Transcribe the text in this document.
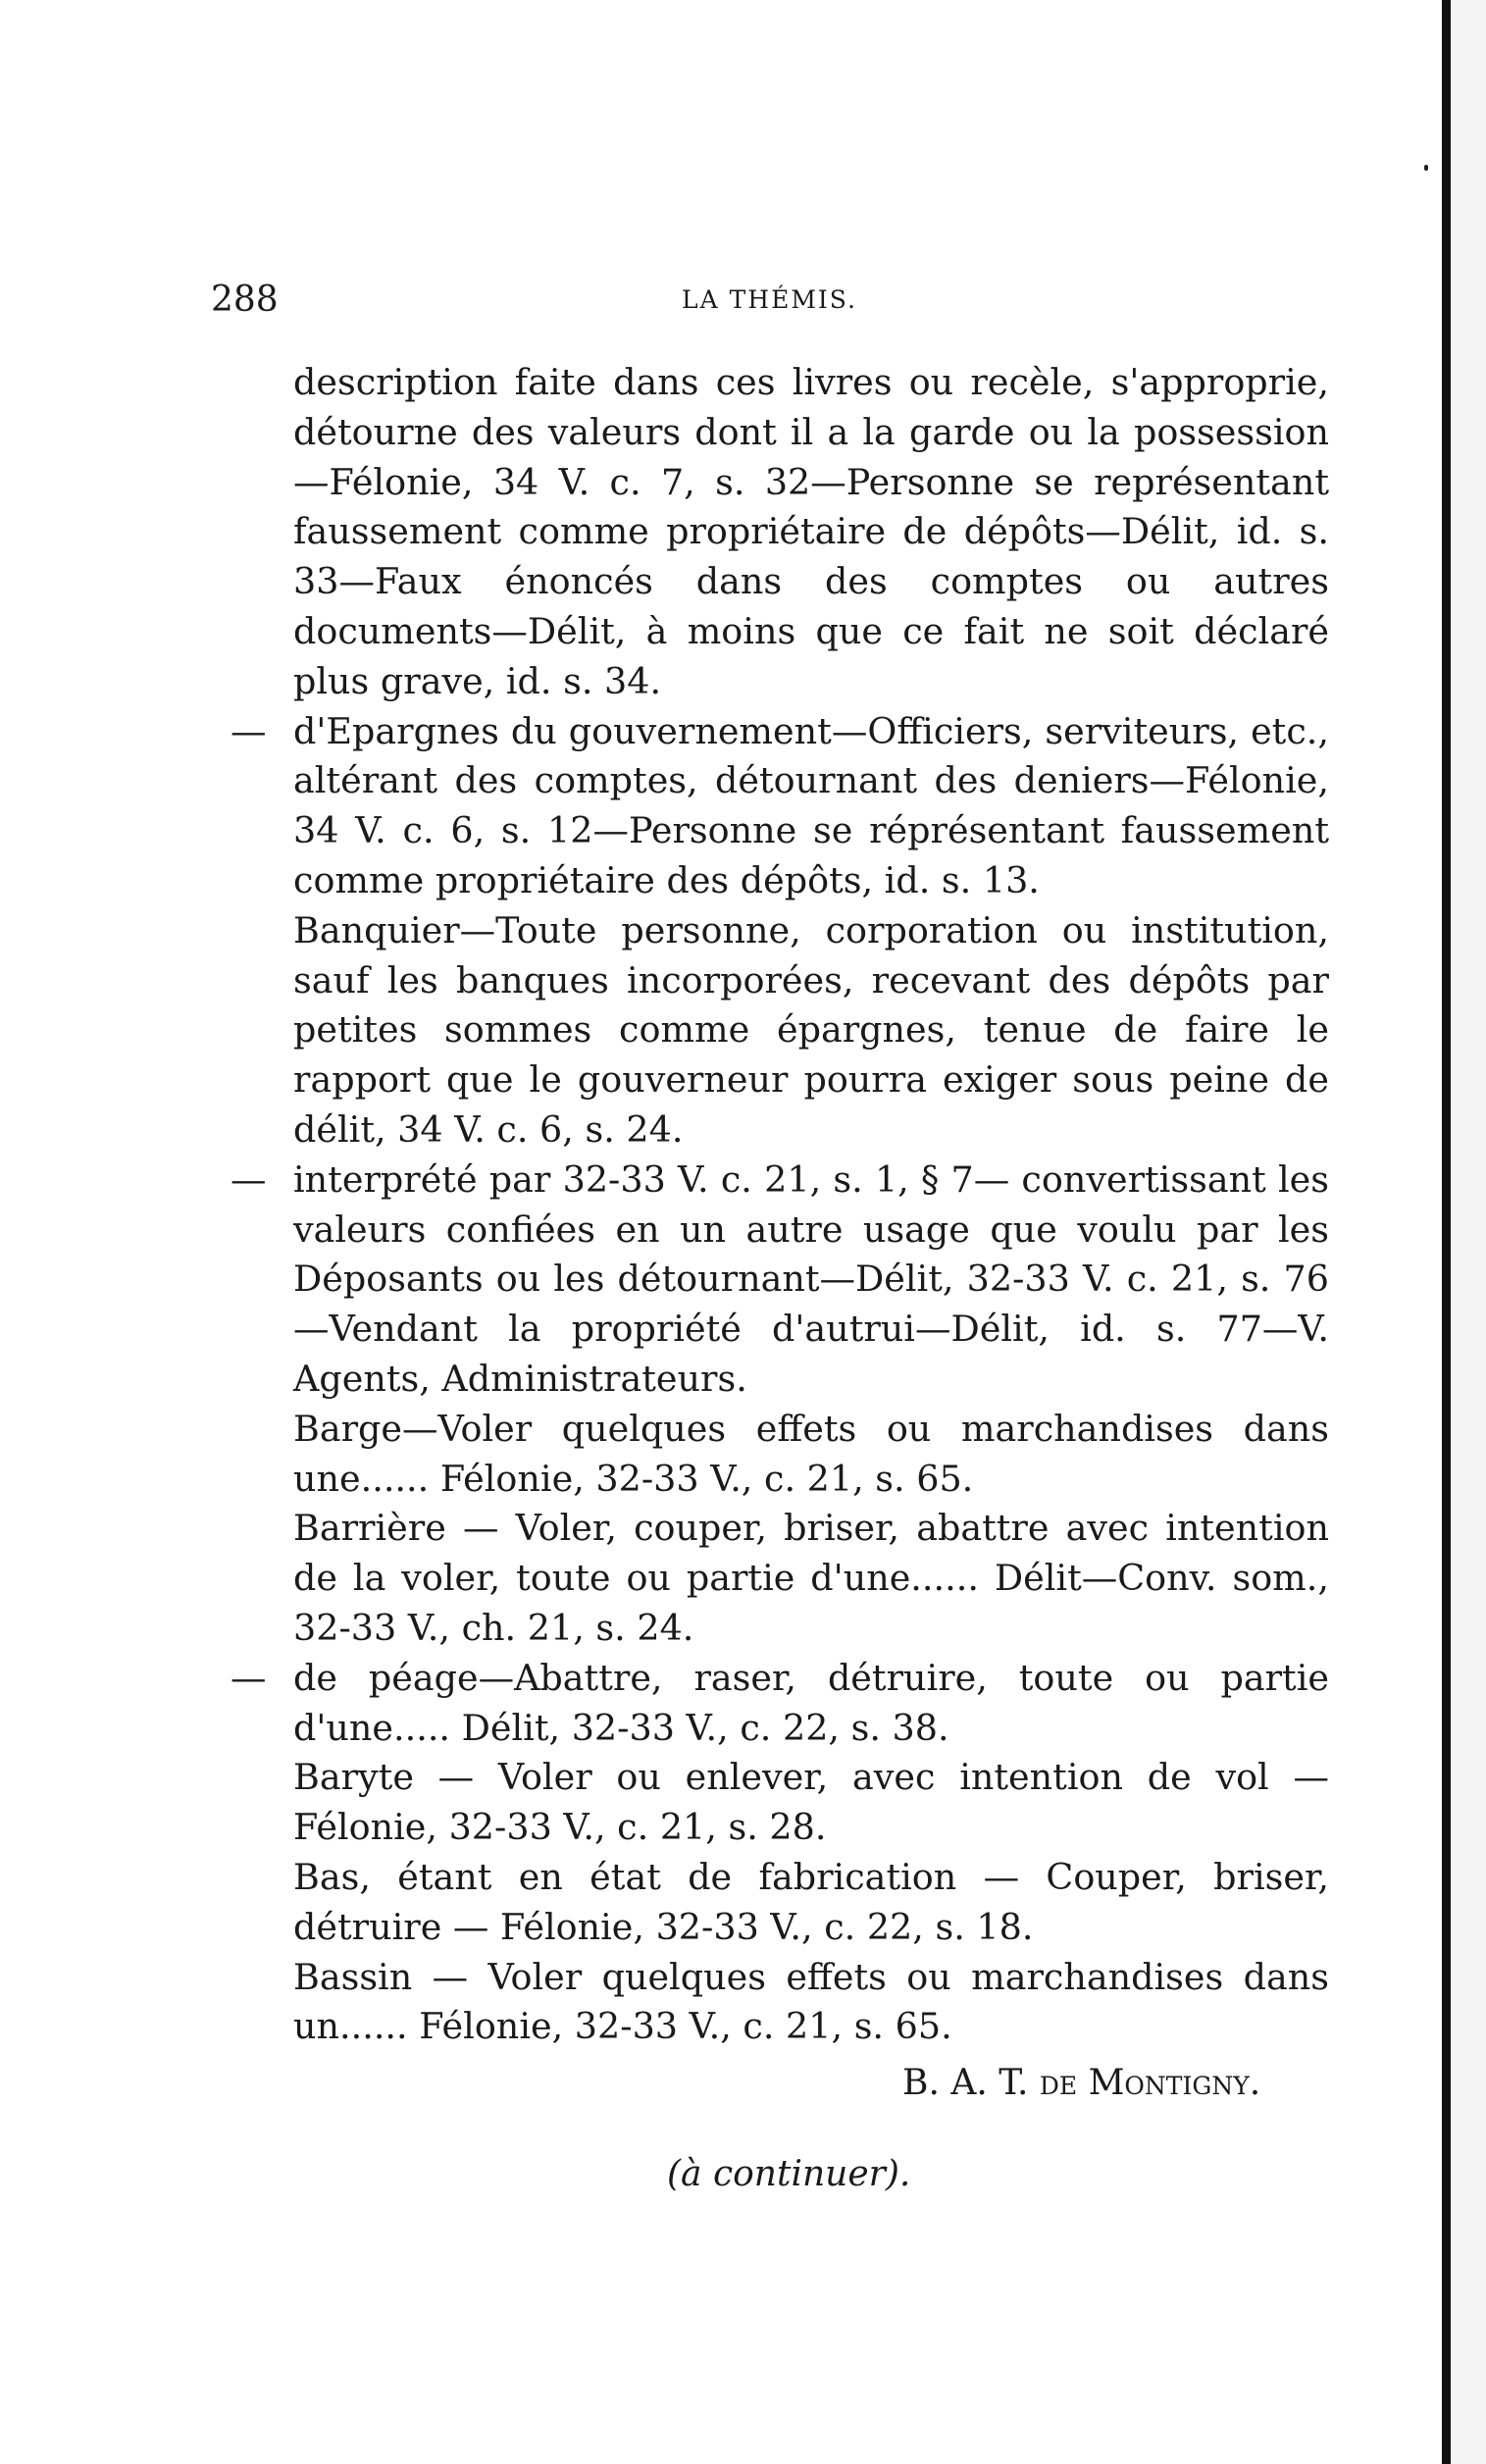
288	LA THÉMIS.
description faite dans ces livres ou recèle, s'approprie, détourne des valeurs dont il a la garde ou la possession—Félonie, 34 V. c. 7, s. 32—Personne se représentant faussement comme propriétaire de dépôts—Délit, id. s. 33—Faux énoncés dans des comptes ou autres documents—Délit, à moins que ce fait ne soit déclaré plus grave, id. s. 34.
— d'Epargnes du gouvernement—Officiers, serviteurs, etc., altérant des comptes, détournant des deniers—Félonie, 34 V. c. 6, s. 12—Personne se réprésentant faussement comme propriétaire des dépôts, id. s. 13.
Banquier—Toute personne, corporation ou institution, sauf les banques incorporées, recevant des dépôts par petites sommes comme épargnes, tenue de faire le rapport que le gouverneur pourra exiger sous peine de délit, 34 V. c. 6, s. 24.
— interprété par 32-33 V. c. 21, s. 1, § 7— convertissant les valeurs confiées en un autre usage que voulu par les Déposants ou les détournant—Délit, 32-33 V. c. 21, s. 76—Vendant la propriété d'autrui—Délit, id. s. 77—V. Agents, Administrateurs.
Barge—Voler quelques effets ou marchandises dans une...... Félonie, 32-33 V., c. 21, s. 65.
Barrière — Voler, couper, briser, abattre avec intention de la voler, toute ou partie d'une...... Délit—Conv. som., 32-33 V., ch. 21, s. 24.
— de péage—Abattre, raser, détruire, toute ou partie d'une..... Délit, 32-33 V., c. 22, s. 38.
Baryte — Voler ou enlever, avec intention de vol — Félonie, 32-33 V., c. 21, s. 28.
Bas, étant en état de fabrication — Couper, briser, détruire — Félonie, 32-33 V., c. 22, s. 18.
Bassin — Voler quelques effets ou marchandises dans un...... Félonie, 32-33 V., c. 21, s. 65.
B. A. T. de Montigny.
(à continuer).
